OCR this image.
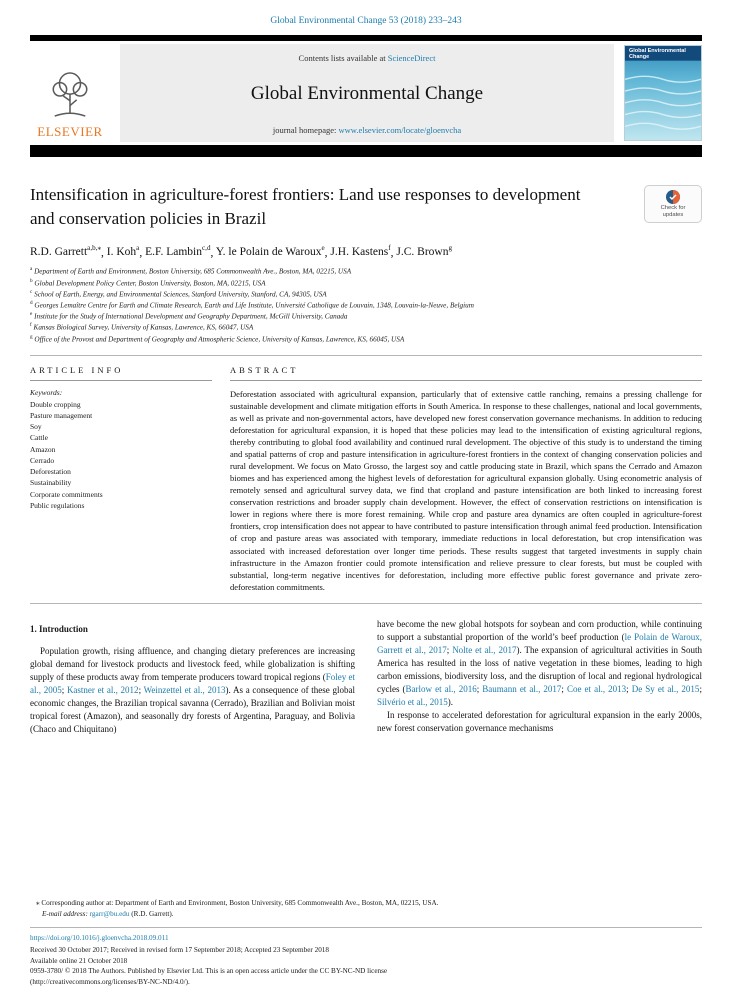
Global Environmental Change 53 (2018) 233–243
ELSEVIER
Contents lists available at ScienceDirect
Global Environmental Change
journal homepage: www.elsevier.com/locate/gloenvcha
Global Environmental Change
Intensification in agriculture-forest frontiers: Land use responses to development and conservation policies in Brazil
Check for
updates
R.D. Garrett$^{a,b,⁎}$, I. Koh$^a$, E.F. Lambin$^{c,d}$, Y. le Polain de Waroux$^e$, J.H. Kastens$^f$, J.C. Brown$^g$
$^a$ Department of Earth and Environment, Boston University, 685 Commonwealth Ave., Boston, MA, 02215, USA
$^b$ Global Development Policy Center, Boston University, Boston, MA, 02215, USA
$^c$ School of Earth, Energy, and Environmental Sciences, Stanford University, Stanford, CA, 94305, USA
$^d$ Georges Lemaître Centre for Earth and Climate Research, Earth and Life Institute, Université Catholique de Louvain, 1348, Louvain-la-Neuve, Belgium
$^e$ Institute for the Study of International Development and Geography Department, McGill University, Canada
$^f$ Kansas Biological Survey, University of Kansas, Lawrence, KS, 66047, USA
$^g$ Office of the Provost and Department of Geography and Atmospheric Science, University of Kansas, Lawrence, KS, 66045, USA
ARTICLE INFO
Keywords:
Double cropping
Pasture management
Soy
Cattle
Amazon
Cerrado
Deforestation
Sustainability
Corporate commitments
Public regulations
ABSTRACT
Deforestation associated with agricultural expansion, particularly that of extensive cattle ranching, remains a pressing challenge for sustainable development and climate mitigation efforts in South America. In response to these challenges, national and local governments, as well as private and non-governmental actors, have developed new forest conservation governance mechanisms. In addition to reducing deforestation for agricultural expansion, it is hoped that these policies may lead to the intensification of existing agricultural regions, thereby contributing to global food availability and continued rural development. The objective of this study is to understand the timing and spatial patterns of crop and pasture intensification in agriculture-forest frontiers in the context of changing conservation policies and rural development. We focus on Mato Grosso, the largest soy and cattle producing state in Brazil, which spans the Cerrado and Amazon biomes and has experienced among the highest levels of deforestation for agricultural expansion globally. Using econometric analysis of remotely sensed and agricultural survey data, we find that cropland and pasture intensification are both linked to increasing forest conservation restrictions and broader supply chain development. However, the effect of conservation restrictions on intensification is lower in regions where there is more forest remaining. While crop and pasture area dynamics are often coupled in agriculture-forest frontiers, crop intensification does not appear to have contributed to pasture intensification through animal feed production. Intensification of crop and pasture areas was associated with temporary, immediate reductions in local deforestation, but crop intensification was associated with increased deforestation over longer time periods. These results suggest that targeted investments in supply chain infrastructure in the Amazon frontier could promote intensification and relieve pressure to clear forests, but must be coupled with substantial, long-term negative incentives for deforestation, including more effective public forest governance and private zero-deforestation commitments.
1. Introduction

Population growth, rising affluence, and changing dietary preferences are increasing global demand for livestock products and livestock feed, while globalization is shifting supply of these products away from temperate producers toward tropical regions (Foley et al., 2005; Kastner et al., 2012; Weinzettel et al., 2013). As a consequence of these global economic changes, the Brazilian tropical savanna (Cerrado), Brazilian and Bolivian moist tropical forest (Amazon), and seasonally dry forests of Argentina, Paraguay, and Bolivia (Chaco and Chiquitano)

have become the new global hotspots for soybean and corn production, while continuing to support a substantial proportion of the world’s beef production (le Polain de Waroux, Garrett et al., 2017; Nolte et al., 2017). The expansion of agricultural activities in South America has resulted in the loss of native vegetation in these biomes, leading to high carbon emissions, biodiversity loss, and the disruption of local and regional hydrological cycles (Barlow et al., 2016; Baumann et al., 2017; Coe et al., 2013; De Sy et al., 2015; Silvério et al., 2015).

In response to accelerated deforestation for agricultural expansion in the early 2000s, new forest conservation governance mechanisms

⁎ Corresponding author at: Department of Earth and Environment, Boston University, 685 Commonwealth Ave., Boston, MA, 02215, USA.
E-mail address: rgarr@bu.edu (R.D. Garrett).
https://doi.org/10.1016/j.gloenvcha.2018.09.011
Received 30 October 2017; Received in revised form 17 September 2018; Accepted 23 September 2018
Available online 21 October 2018
0959-3780/ © 2018 The Authors. Published by Elsevier Ltd. This is an open access article under the CC BY-NC-ND license
(http://creativecommons.org/licenses/BY-NC-ND/4.0/).
